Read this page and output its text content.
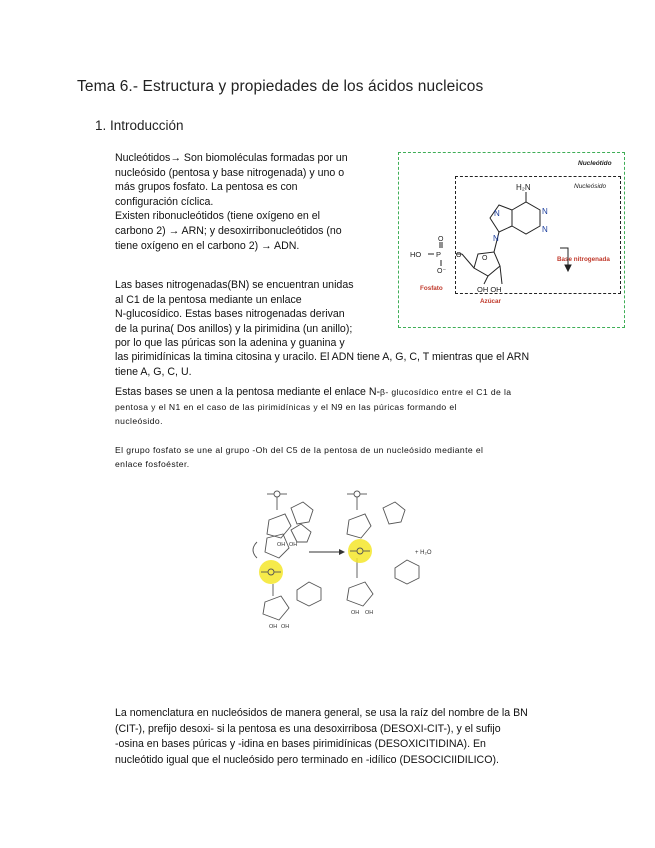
Tema 6.- Estructura y propiedades de los ácidos nucleicos
1. Introducción
Nucleótidos→ Son biomoléculas formadas por un
nucleósido (pentosa y base nitrogenada) y uno o
más grupos fosfato. La pentosa es con
configuración cíclica.
Existen ribonucleótidos (tiene oxígeno en el
carbono 2) → ARN; y desoxirribonucleótidos (no
tiene oxígeno en el carbono 2) → ADN.
Las bases nitrogenadas(BN) se encuentran unidas
al C1 de la pentosa mediante un enlace
N-glucosídico. Estas bases nitrogenadas derivan
de la purina( Dos anillos) y la pirimidina (un anillo);
por lo que las púricas son la adenina y guanina y
las pirimidínicas la timina citosina y uracilo. El ADN tiene A, G, C, T mientras que el ARN
tiene A, G, C, U.
Estas bases se unen a la pentosa mediante el enlace N-β- glucosídico entre el C1 de la
pentosa y el N1 en el caso de las pirimidínicas y el N9 en las púricas formando el
nucleósido.
El grupo fosfato se une al grupo -Oh del C5 de la pentosa de un nucleósido mediante el
enlace fosfoéster.
Nucleótido
Nucleósido
Base nitrogenada
Fosfato
Azúcar
H₂N
N
N
N
N
O
HO P
O
O⁻
O
OH OH
OH OH
OH OH
OH OH
+ H₂O
La nomenclatura en nucleósidos de manera general, se usa la raíz del nombre de la BN
(CIT-), prefijo desoxi- si la pentosa es una desoxirribosa (DESOXI-CIT-), y el sufijo
-osina en bases púricas y -idina en bases pirimidínicas (DESOXICITIDINA). En
nucleótido igual que el nucleósido pero terminado en -idílico (DESOCICIIDILICO).
